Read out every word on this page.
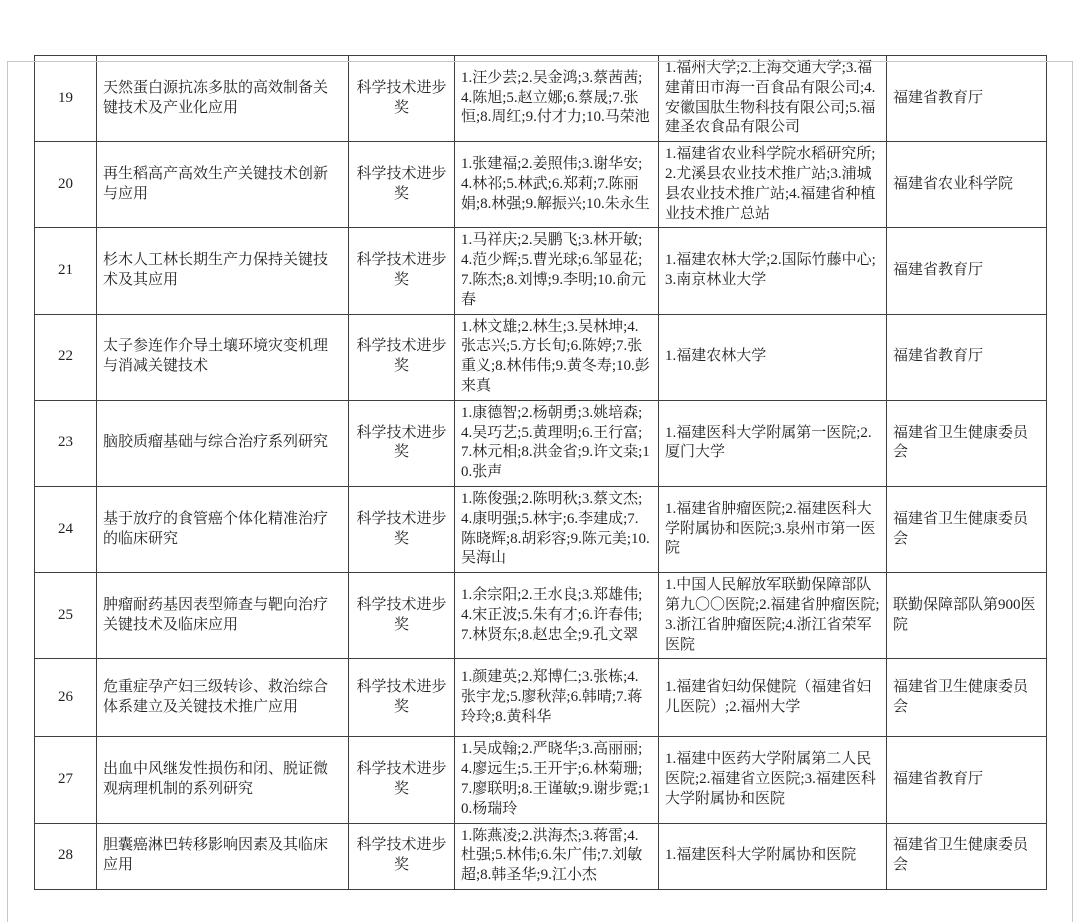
19	天然蛋白源抗冻多肽的高效制备关键技术及产业化应用	科学技术进步奖	1.汪少芸;2.吴金鸿;3.蔡茜茜;4.陈旭;5.赵立娜;6.蔡晟;7.张恒;8.周红;9.付才力;10.马荣池	1.福州大学;2.上海交通大学;3.福建莆田市海一百食品有限公司;4.安徽国肽生物科技有限公司;5.福建圣农食品有限公司	福建省教育厅
20	再生稻高产高效生产关键技术创新与应用	科学技术进步奖	1.张建福;2.姜照伟;3.谢华安;4.林祁;5.林武;6.郑莉;7.陈丽娟;8.林强;9.解振兴;10.朱永生	1.福建省农业科学院水稻研究所;2.尤溪县农业技术推广站;3.浦城县农业技术推广站;4.福建省种植业技术推广总站	福建省农业科学院
21	杉木人工林长期生产力保持关键技术及其应用	科学技术进步奖	1.马祥庆;2.吴鹏飞;3.林开敏;4.范少辉;5.曹光球;6.邹显花;7.陈杰;8.刘博;9.李明;10.俞元春	1.福建农林大学;2.国际竹藤中心;3.南京林业大学	福建省教育厅
22	太子参连作介导土壤环境灾变机理与消减关键技术	科学技术进步奖	1.林文雄;2.林生;3.吴林坤;4.张志兴;5.方长旬;6.陈婷;7.张重义;8.林伟伟;9.黄冬寿;10.彭来真	1.福建农林大学	福建省教育厅
23	脑胶质瘤基础与综合治疗系列研究	科学技术进步奖	1.康德智;2.杨朝勇;3.姚培森;4.吴巧艺;5.黄理明;6.王行富;7.林元相;8.洪金省;9.许文桒;10.张声	1.福建医科大学附属第一医院;2.厦门大学	福建省卫生健康委员会
24	基于放疗的食管癌个体化精准治疗的临床研究	科学技术进步奖	1.陈俊强;2.陈明秋;3.蔡文杰;4.康明强;5.林宇;6.李建成;7.陈晓辉;8.胡彩容;9.陈元美;10.吴海山	1.福建省肿瘤医院;2.福建医科大学附属协和医院;3.泉州市第一医院	福建省卫生健康委员会
25	肿瘤耐药基因表型筛查与靶向治疗关键技术及临床应用	科学技术进步奖	1.余宗阳;2.王水良;3.郑雄伟;4.宋正波;5.朱有才;6.许春伟;7.林贤东;8.赵忠全;9.孔文翠	1.中国人民解放军联勤保障部队第九〇〇医院;2.福建省肿瘤医院;3.浙江省肿瘤医院;4.浙江省荣军医院	联勤保障部队第900医院
26	危重症孕产妇三级转诊、救治综合体系建立及关键技术推广应用	科学技术进步奖	1.颜建英;2.郑博仁;3.张栋;4.张宇龙;5.廖秋萍;6.韩晴;7.蒋玲玲;8.黄科华	1.福建省妇幼保健院（福建省妇儿医院）;2.福州大学	福建省卫生健康委员会
27	出血中风继发性损伤和闭、脱证微观病理机制的系列研究	科学技术进步奖	1.吴成翰;2.严晓华;3.高丽丽;4.廖远生;5.王开宇;6.林菊珊;7.廖联明;8.王谨敏;9.谢步霓;10.杨瑞玲	1.福建中医药大学附属第二人民医院;2.福建省立医院;3.福建医科大学附属协和医院	福建省教育厅
28	胆囊癌淋巴转移影响因素及其临床应用	科学技术进步奖	1.陈燕凌;2.洪海杰;3.蒋雷;4.杜强;5.林伟;6.朱广伟;7.刘敏超;8.韩圣华;9.江小杰	1.福建医科大学附属协和医院	福建省卫生健康委员会
